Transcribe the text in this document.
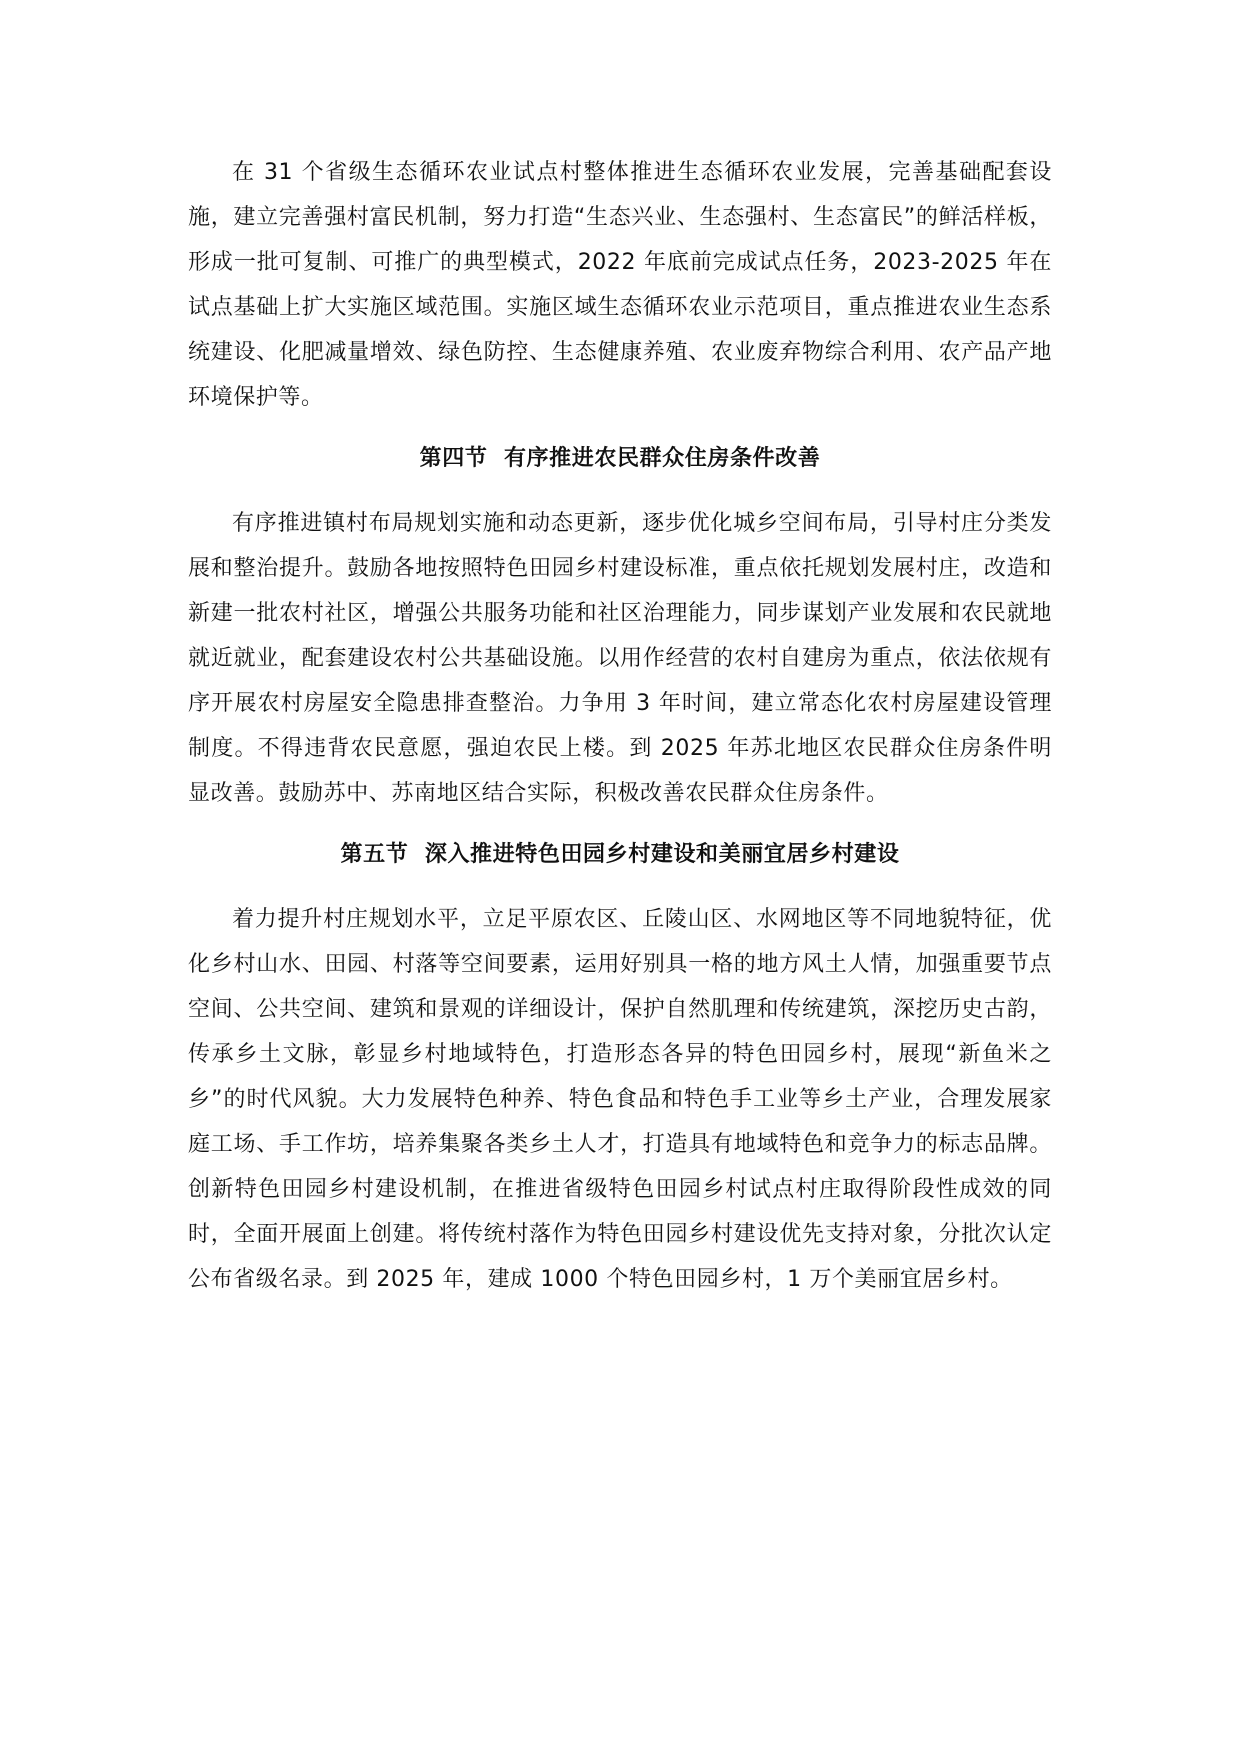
在 31 个省级生态循环农业试点村整体推进生态循环农业发展，完善基础配套设施，建立完善强村富民机制，努力打造“生态兴业、生态强村、生态富民”的鲜活样板，形成一批可复制、可推广的典型模式，2022 年底前完成试点任务，2023-2025 年在试点基础上扩大实施区域范围。实施区域生态循环农业示范项目，重点推进农业生态系统建设、化肥减量增效、绿色防控、生态健康养殖、农业废弃物综合利用、农产品产地环境保护等。

第四节  有序推进农民群众住房条件改善

有序推进镇村布局规划实施和动态更新，逐步优化城乡空间布局，引导村庄分类发展和整治提升。鼓励各地按照特色田园乡村建设标准，重点依托规划发展村庄，改造和新建一批农村社区，增强公共服务功能和社区治理能力，同步谋划产业发展和农民就地就近就业，配套建设农村公共基础设施。以用作经营的农村自建房为重点，依法依规有序开展农村房屋安全隐患排查整治。力争用 3 年时间，建立常态化农村房屋建设管理制度。不得违背农民意愿，强迫农民上楼。到 2025 年苏北地区农民群众住房条件明显改善。鼓励苏中、苏南地区结合实际，积极改善农民群众住房条件。

第五节  深入推进特色田园乡村建设和美丽宜居乡村建设

着力提升村庄规划水平，立足平原农区、丘陵山区、水网地区等不同地貌特征，优化乡村山水、田园、村落等空间要素，运用好别具一格的地方风土人情，加强重要节点空间、公共空间、建筑和景观的详细设计，保护自然肌理和传统建筑，深挖历史古韵，传承乡土文脉，彰显乡村地域特色，打造形态各异的特色田园乡村，展现“新鱼米之乡”的时代风貌。大力发展特色种养、特色食品和特色手工业等乡土产业，合理发展家庭工场、手工作坊，培养集聚各类乡土人才，打造具有地域特色和竞争力的标志品牌。创新特色田园乡村建设机制，在推进省级特色田园乡村试点村庄取得阶段性成效的同时，全面开展面上创建。将传统村落作为特色田园乡村建设优先支持对象，分批次认定公布省级名录。到 2025 年，建成 1000 个特色田园乡村，1 万个美丽宜居乡村。
